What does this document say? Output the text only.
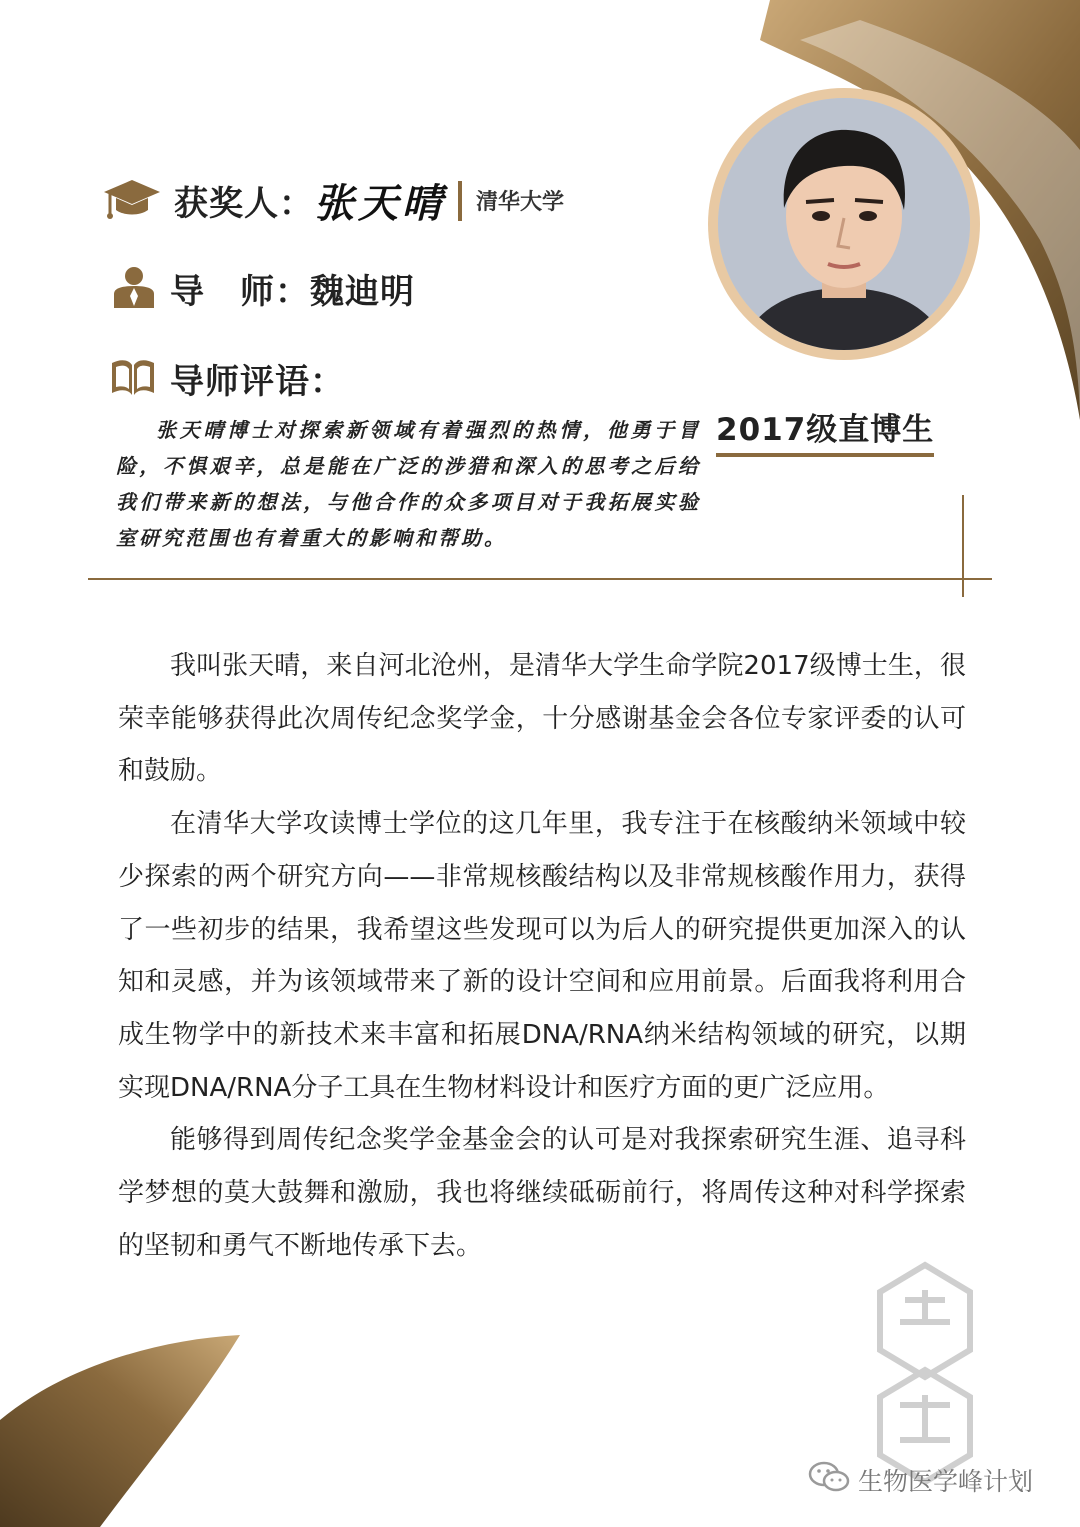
获奖人： 张天晴 清华大学
导　师： 魏迪明
导师评语：
张天晴博士对探索新领域有着强烈的热情，他勇于冒险，不惧艰辛，总是能在广泛的涉猎和深入的思考之后给我们带来新的想法，与他合作的众多项目对于我拓展实验室研究范围也有着重大的影响和帮助。
2017级直博生

我叫张天晴，来自河北沧州，是清华大学生命学院2017级博士生，很荣幸能够获得此次周传纪念奖学金，十分感谢基金会各位专家评委的认可和鼓励。

在清华大学攻读博士学位的这几年里，我专注于在核酸纳米领域中较少探索的两个研究方向——非常规核酸结构以及非常规核酸作用力，获得了一些初步的结果，我希望这些发现可以为后人的研究提供更加深入的认知和灵感，并为该领域带来了新的设计空间和应用前景。后面我将利用合成生物学中的新技术来丰富和拓展DNA/RNA纳米结构领域的研究，以期实现DNA/RNA分子工具在生物材料设计和医疗方面的更广泛应用。

能够得到周传纪念奖学金基金会的认可是对我探索研究生涯、追寻科学梦想的莫大鼓舞和激励，我也将继续砥砺前行，将周传这种对科学探索的坚韧和勇气不断地传承下去。

生物医学峰计划
